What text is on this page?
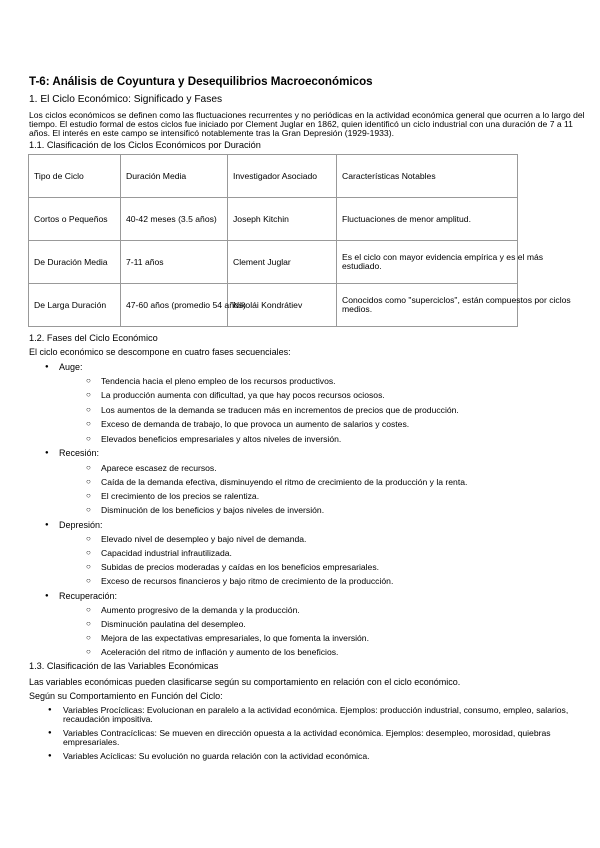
T-6: Análisis de Coyuntura y Desequilibrios Macroeconómicos
1. El Ciclo Económico: Significado y Fases
Los ciclos económicos se definen como las fluctuaciones recurrentes y no periódicas en la actividad económica general que ocurren a lo largo del tiempo. El estudio formal de estos ciclos fue iniciado por Clement Juglar en 1862, quien identificó un ciclo industrial con una duración de 7 a 11 años. El interés en este campo se intensificó notablemente tras la Gran Depresión (1929-1933).
1.1. Clasificación de los Ciclos Económicos por Duración
Tipo de Ciclo	Duración Media	Investigador Asociado	Características Notables
Cortos o Pequeños	40-42 meses (3.5 años)	Joseph Kitchin	Fluctuaciones de menor amplitud.
De Duración Media	7-11 años	Clement Juglar	Es el ciclo con mayor evidencia empírica y es el más estudiado.

De Larga Duración	47-60 años (promedio 54 años)	Nikolái Kondrátiev	Conocidos como "superciclos", están compuestos por ciclos medios.
1.2. Fases del Ciclo Económico
El ciclo económico se descompone en cuatro fases secuenciales:
● Auge:
○ Tendencia hacia el pleno empleo de los recursos productivos.
○ La producción aumenta con dificultad, ya que hay pocos recursos ociosos.
○ Los aumentos de la demanda se traducen más en incrementos de precios que de producción.
○ Exceso de demanda de trabajo, lo que provoca un aumento de salarios y costes.
○ Elevados beneficios empresariales y altos niveles de inversión.
● Recesión:
○ Aparece escasez de recursos.
○ Caída de la demanda efectiva, disminuyendo el ritmo de crecimiento de la producción y la renta.
○ El crecimiento de los precios se ralentiza.
○ Disminución de los beneficios y bajos niveles de inversión.
● Depresión:
○ Elevado nivel de desempleo y bajo nivel de demanda.
○ Capacidad industrial infrautilizada.
○ Subidas de precios moderadas y caídas en los beneficios empresariales.
○ Exceso de recursos financieros y bajo ritmo de crecimiento de la producción.
● Recuperación:
○ Aumento progresivo de la demanda y la producción.
○ Disminución paulatina del desempleo.
○ Mejora de las expectativas empresariales, lo que fomenta la inversión.
○ Aceleración del ritmo de inflación y aumento de los beneficios.
1.3. Clasificación de las Variables Económicas
Las variables económicas pueden clasificarse según su comportamiento en relación con el ciclo económico.
Según su Comportamiento en Función del Ciclo:
● Variables Procíclicas: Evolucionan en paralelo a la actividad económica. Ejemplos: producción industrial, consumo, empleo, salarios, recaudación impositiva.
● Variables Contracíclicas: Se mueven en dirección opuesta a la actividad económica. Ejemplos: desempleo, morosidad, quiebras empresariales.
● Variables Acíclicas: Su evolución no guarda relación con la actividad económica.
